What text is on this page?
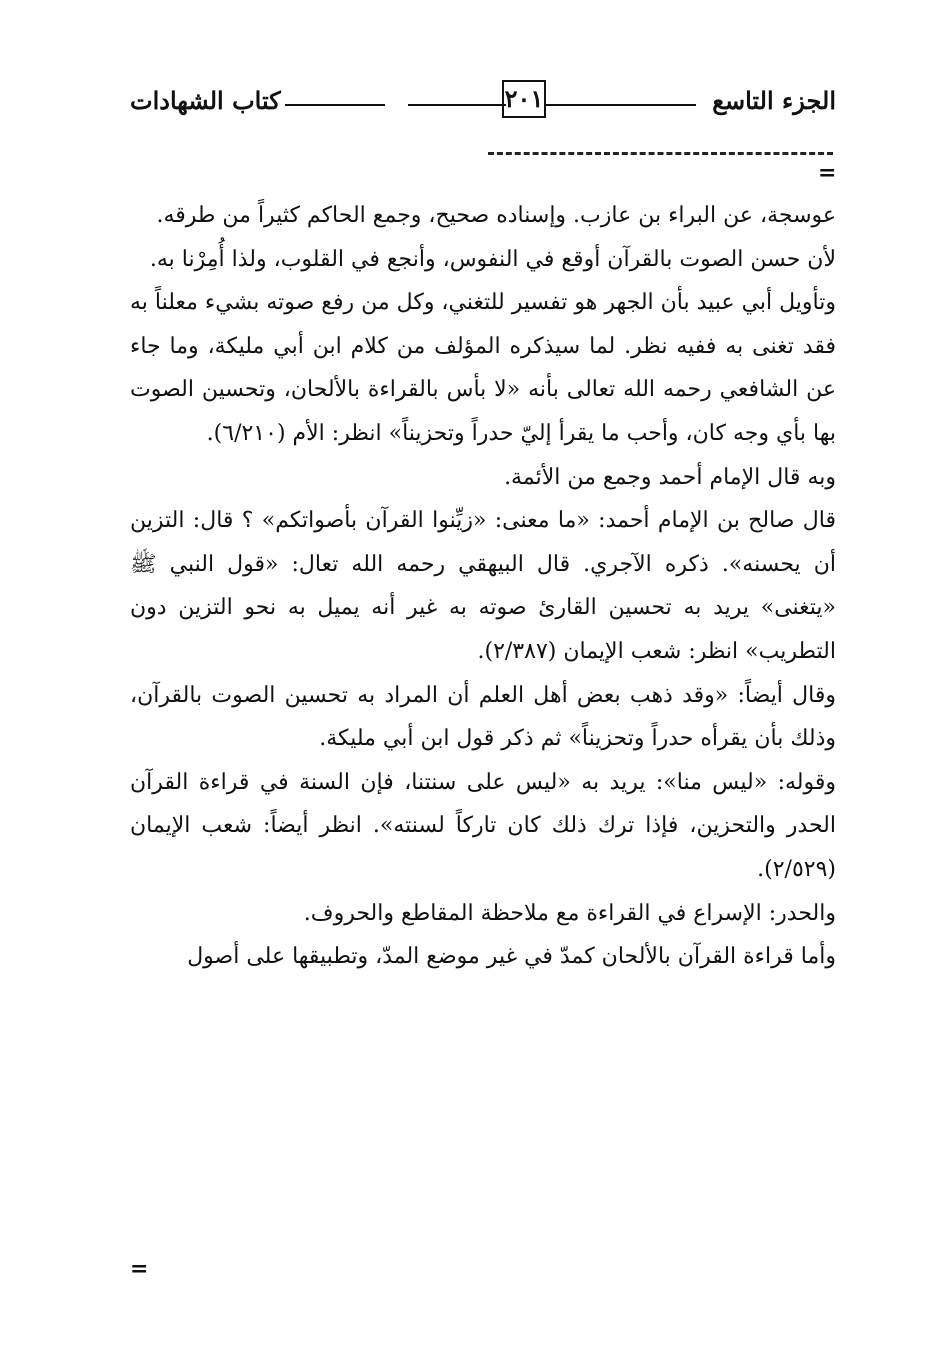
الجزء التاسع
٢٠١
كتاب الشهادات
=

عوسجة، عن البراء بن عازب. وإسناده صحيح، وجمع الحاكم كثيراً من طرقه.

لأن حسن الصوت بالقرآن أوقع في النفوس، وأنجع في القلوب، ولذا أُمِرْنا به.

وتأويل أبي عبيد بأن الجهر هو تفسير للتغني، وكل من رفع صوته بشيء معلناً به فقد تغنى به ففيه نظر. لما سيذكره المؤلف من كلام ابن أبي مليكة، وما جاء عن الشافعي رحمه الله تعالى بأنه «لا بأس بالقراءة بالألحان، وتحسين الصوت بها بأي وجه كان، وأحب ما يقرأ إليّ حدراً وتحزيناً» انظر: الأم (٦/٢١٠).

وبه قال الإمام أحمد وجمع من الأئمة.

قال صالح بن الإمام أحمد: «ما معنى: «زيِّنوا القرآن بأصواتكم» ؟ قال: التزين أن يحسنه». ذكره الآجري. قال البيهقي رحمه الله تعال: «قول النبي ﷺ «يتغنى» يريد به تحسين القارئ صوته به غير أنه يميل به نحو التزين دون التطريب» انظر: شعب الإيمان (٢/٣٨٧).

وقال أيضاً: «وقد ذهب بعض أهل العلم أن المراد به تحسين الصوت بالقرآن، وذلك بأن يقرأه حدراً وتحزيناً» ثم ذكر قول ابن أبي مليكة.

وقوله: «ليس منا»: يريد به «ليس على سنتنا، فإن السنة في قراءة القرآن الحدر والتحزين، فإذا ترك ذلك كان تاركاً لسنته». انظر أيضاً: شعب الإيمان (٢/٥٢٩).

والحدر: الإسراع في القراءة مع ملاحظة المقاطع والحروف.

وأما قراءة القرآن بالألحان كمدّ في غير موضع المدّ، وتطبيقها على أصول

=
